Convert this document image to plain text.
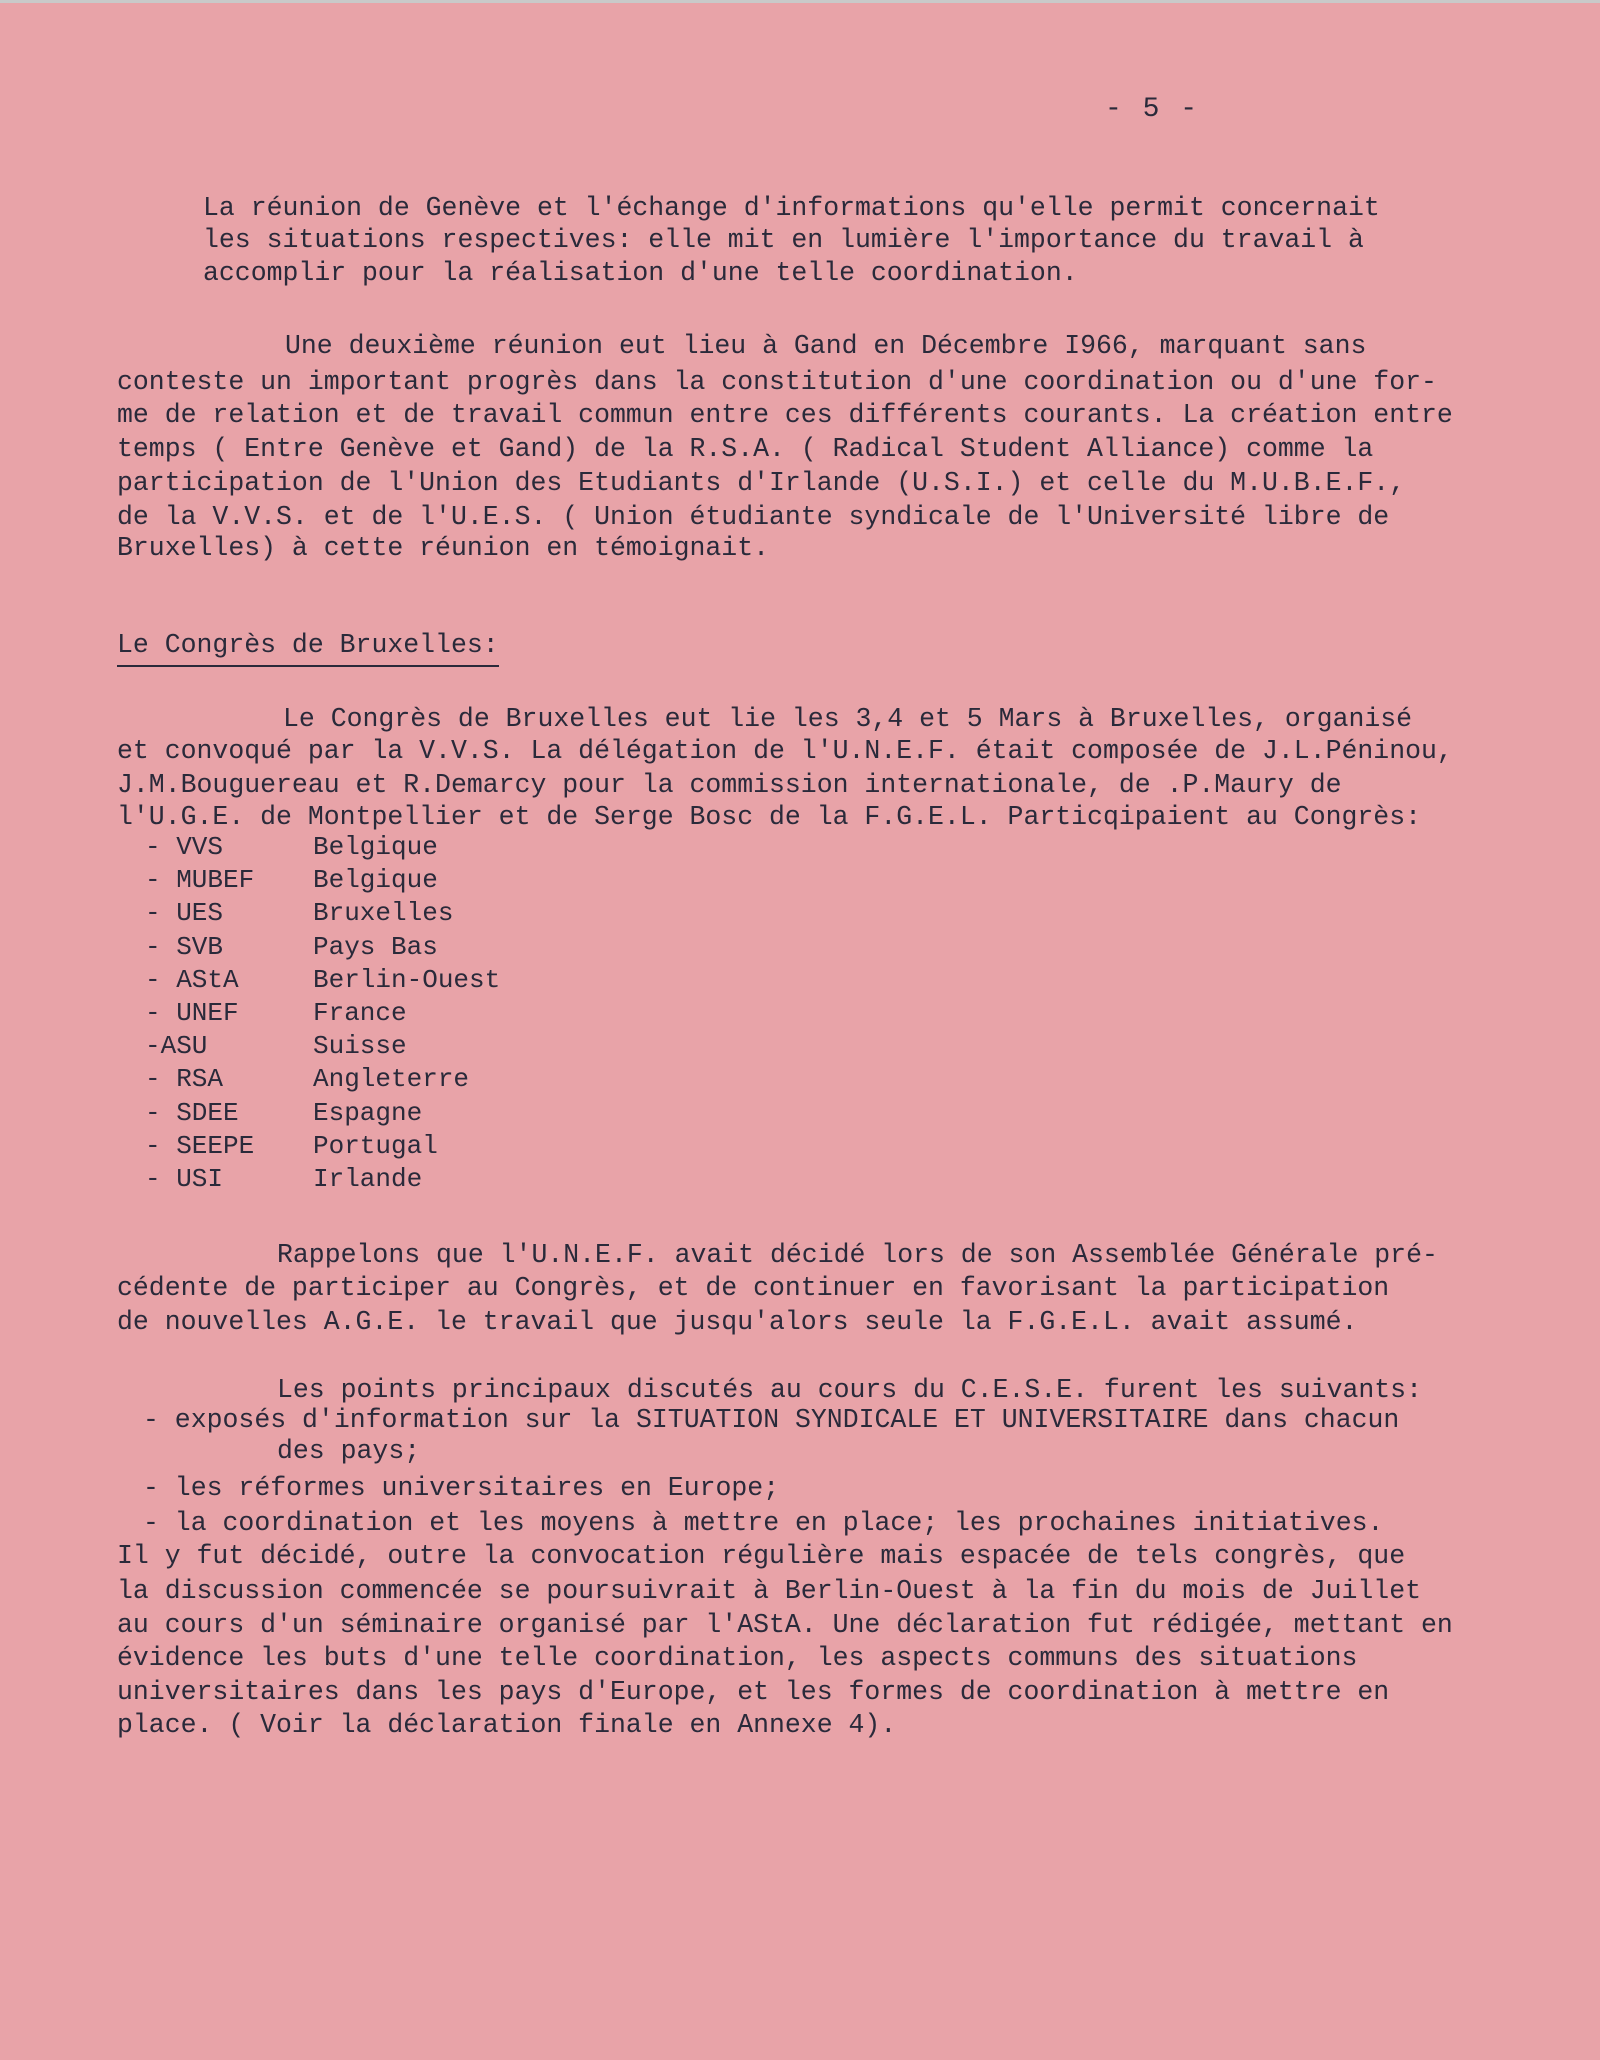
- 5 -
La réunion de Genève et l'échange d'informations qu'elle permit concernait
les situations respectives: elle mit en lumière l'importance du travail à
accomplir pour la réalisation d'une telle coordination.
Une deuxième réunion eut lieu à Gand en Décembre I966, marquant sans
conteste un important progrès dans la constitution d'une coordination ou d'une for-
me de relation et de travail commun entre ces différents courants. La création entre
temps ( Entre Genève et Gand) de la R.S.A. ( Radical Student Alliance) comme la
participation de l'Union des Etudiants d'Irlande (U.S.I.) et celle du M.U.B.E.F.,
de la V.V.S. et de l'U.E.S. ( Union étudiante syndicale de l'Université libre de
Bruxelles) à cette réunion en témoignait.
Le Congrès de Bruxelles:
Le Congrès de Bruxelles eut lie les 3,4 et 5 Mars à Bruxelles, organisé
et convoqué par la V.V.S. La délégation de l'U.N.E.F. était composée de J.L.Péninou,
J.M.Bouguereau et R.Demarcy pour la commission internationale, de .P.Maury de
l'U.G.E. de Montpellier et de Serge Bosc de la F.G.E.L. Particqipaient au Congrès:
- VVS	Belgique
- MUBEF Belgique
- UES	Bruxelles
- SVB	Pays Bas
- AStA	Berlin-Ouest
- UNEF	France
-ASU	Suisse
- RSA	Angleterre
- SDEE	Espagne
- SEEPE Portugal
- USI	Irlande
Rappelons que l'U.N.E.F. avait décidé lors de son Assemblée Générale pré-
cédente de participer au Congrès, et de continuer en favorisant la participation
de nouvelles A.G.E. le travail que jusqu'alors seule la F.G.E.L. avait assumé.
Les points principaux discutés au cours du C.E.S.E. furent les suivants:
- exposés d'information sur la SITUATION SYNDICALE ET UNIVERSITAIRE dans chacun
des pays;
- les réformes universitaires en Europe;
- la coordination et les moyens à mettre en place; les prochaines initiatives.
Il y fut décidé, outre la convocation régulière mais espacée de tels congrès, que
la discussion commencée se poursuivrait à Berlin-Ouest à la fin du mois de Juillet
au cours d'un séminaire organisé par l'AStA. Une déclaration fut rédigée, mettant en
évidence les buts d'une telle coordination, les aspects communs des situations
universitaires dans les pays d'Europe, et les formes de coordination à mettre en
place. ( Voir la déclaration finale en Annexe 4).
